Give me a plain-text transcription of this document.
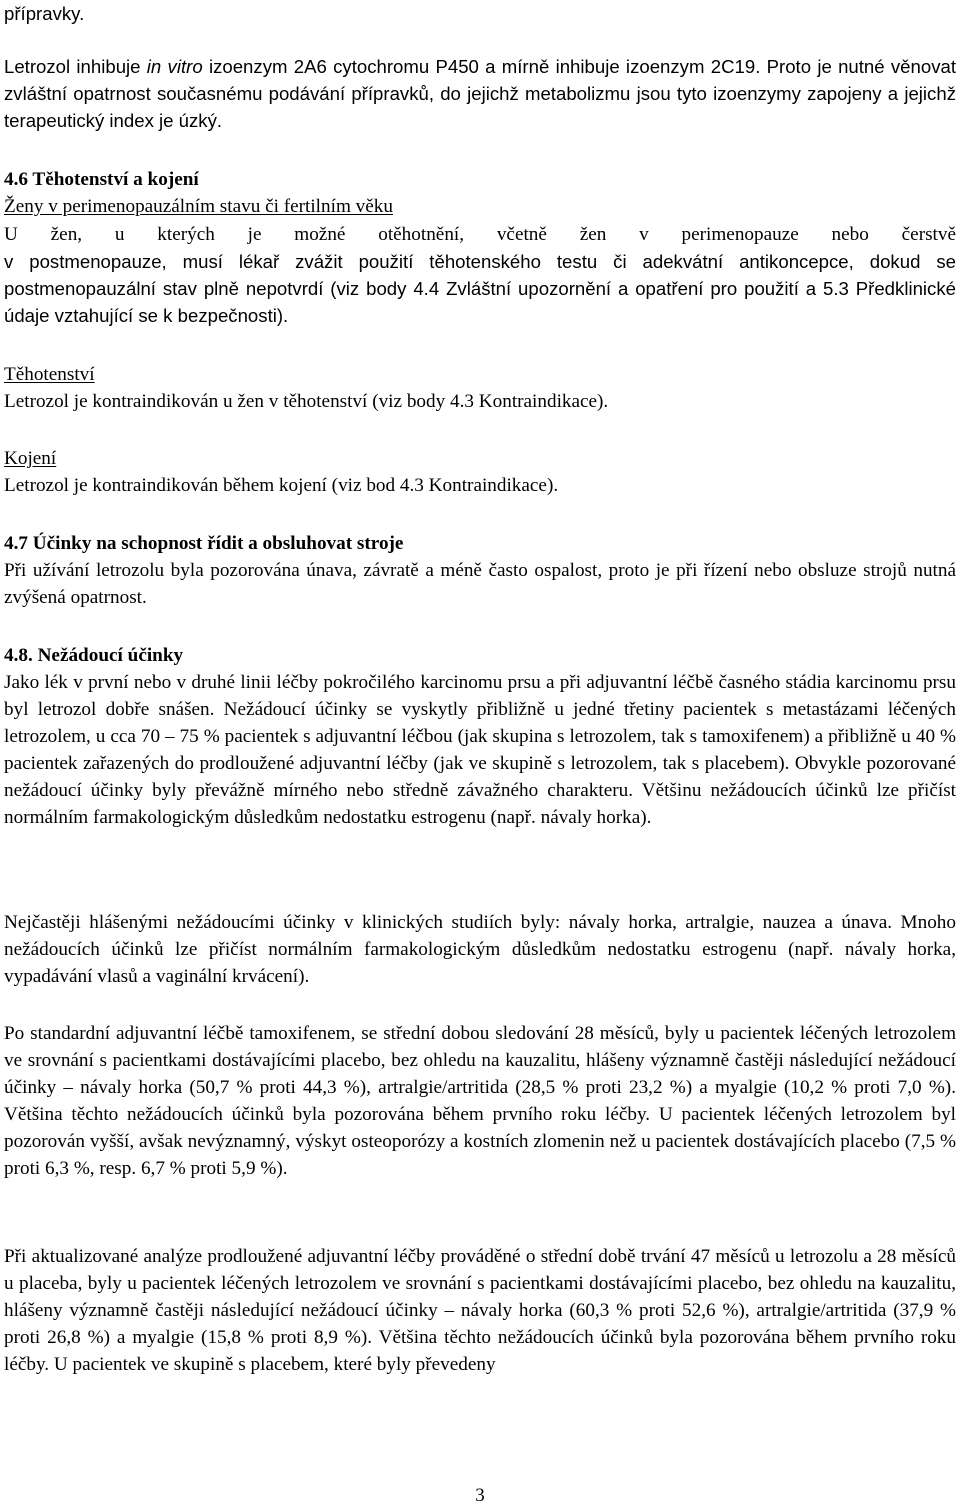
přípravky.
Letrozol inhibuje in vitro izoenzym 2A6 cytochromu P450 a mírně inhibuje izoenzym 2C19. Proto je nutné věnovat zvláštní opatrnost současnému podávání přípravků, do jejichž metabolizmu jsou tyto izoenzymy zapojeny a jejichž terapeutický index je úzký.
4.6 Těhotenství a kojení
Ženy v perimenopauzálním stavu či fertilním věku
U žen, u kterých je možné otěhotnění, včetně žen v perimenopauze nebo čerstvě
v postmenopauze, musí lékař zvážit použití těhotenského testu či adekvátní antikoncepce, dokud se postmenopauzální stav plně nepotvrdí (viz body 4.4 Zvláštní upozornění a opatření pro použití a 5.3 Předklinické údaje vztahující se k bezpečnosti).
Těhotenství
Letrozol je kontraindikován u žen v těhotenství (viz body 4.3 Kontraindikace).
Kojení
Letrozol je kontraindikován během kojení (viz bod 4.3 Kontraindikace).
4.7 Účinky na schopnost řídit a obsluhovat stroje
Při užívání letrozolu byla pozorována únava, závratě a méně často ospalost, proto je při řízení nebo obsluze strojů nutná zvýšená opatrnost.
4.8. Nežádoucí účinky
Jako lék v první nebo v druhé linii léčby pokročilého karcinomu prsu a při adjuvantní léčbě časného stádia karcinomu prsu byl letrozol dobře snášen. Nežádoucí účinky se vyskytly přibližně u jedné třetiny pacientek s metastázami léčených letrozolem, u cca 70 – 75 % pacientek s adjuvantní léčbou (jak skupina s letrozolem, tak s tamoxifenem) a přibližně u 40 % pacientek zařazených do prodloužené adjuvantní léčby (jak ve skupině s letrozolem, tak s placebem). Obvykle pozorované nežádoucí účinky byly převážně mírného nebo středně závažného charakteru. Většinu nežádoucích účinků lze přičíst normálním farmakologickým důsledkům nedostatku estrogenu (např. návaly horka).
Nejčastěji hlášenými nežádoucími účinky v klinických studiích byly: návaly horka, artralgie, nauzea a únava. Mnoho nežádoucích účinků lze přičíst normálním farmakologickým důsledkům nedostatku estrogenu (např. návaly horka, vypadávání vlasů a vaginální krvácení).
Po standardní adjuvantní léčbě tamoxifenem, se střední dobou sledování 28 měsíců, byly u pacientek léčených letrozolem ve srovnání s pacientkami dostávajícími placebo, bez ohledu na kauzalitu, hlášeny významně častěji následující nežádoucí účinky – návaly horka (50,7 % proti 44,3 %), artralgie/artritida (28,5 % proti 23,2 %) a myalgie (10,2 % proti 7,0 %). Většina těchto nežádoucích účinků byla pozorována během prvního roku léčby. U pacientek léčených letrozolem byl pozorován vyšší, avšak nevýznamný, výskyt osteoporózy a kostních zlomenin než u pacientek dostávajících placebo (7,5 % proti 6,3 %, resp. 6,7 % proti 5,9 %).
Při aktualizované analýze prodloužené adjuvantní léčby prováděné o střední době trvání 47 měsíců u letrozolu a 28 měsíců u placeba, byly u pacientek léčených letrozolem ve srovnání s pacientkami dostávajícími placebo, bez ohledu na kauzalitu, hlášeny významně častěji následující nežádoucí účinky – návaly horka (60,3 % proti 52,6 %), artralgie/artritida (37,9 % proti 26,8 %) a myalgie (15,8 % proti 8,9 %). Většina těchto nežádoucích účinků byla pozorována během prvního roku léčby. U pacientek ve skupině s placebem, které byly převedeny
3
